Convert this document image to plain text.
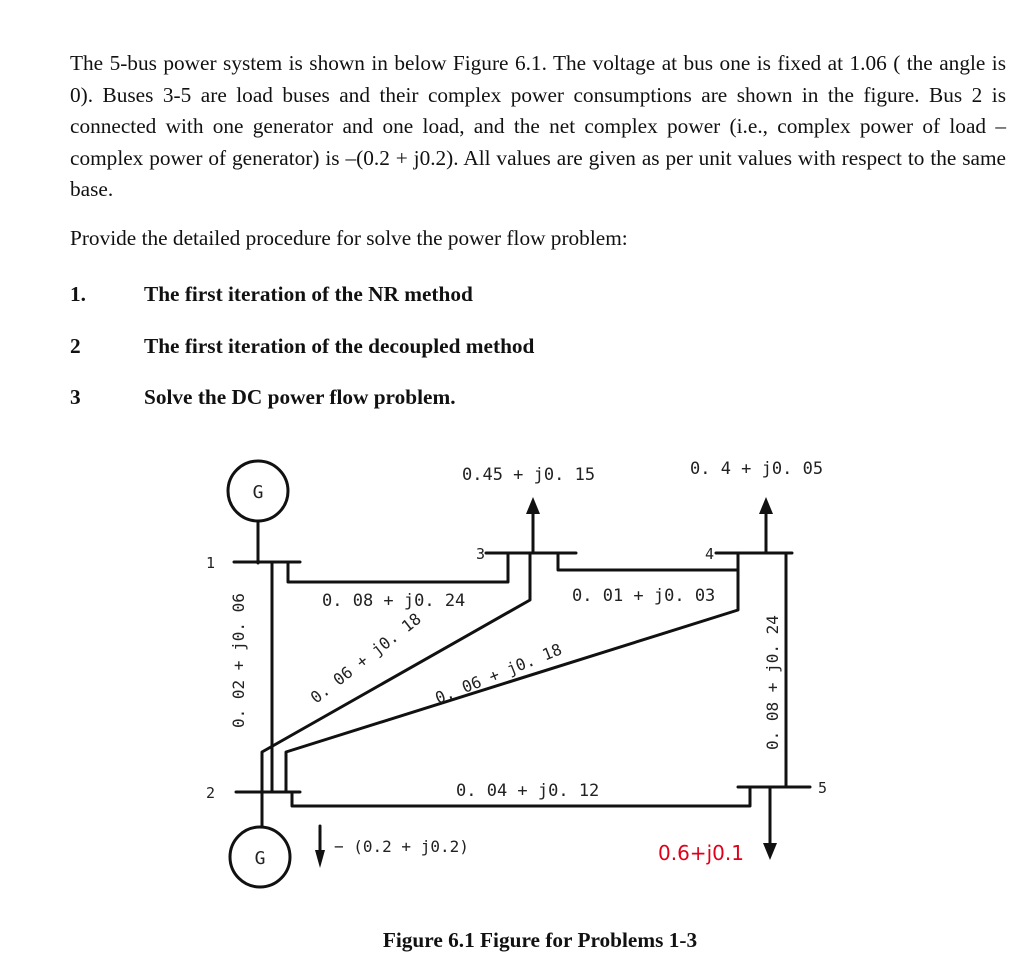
The 5-bus power system is shown in below Figure 6.1. The voltage at bus one is fixed at 1.06 ( the angle is 0). Buses 3-5 are load buses and their complex power consumptions are shown in the figure. Bus 2 is connected with one generator and one load, and the net complex power (i.e., complex power of load – complex power of generator) is –(0.2 + j0.2). All values are given as per unit values with respect to the same base.
Provide the detailed procedure for solve the power flow problem:
1.	The first iteration of the NR method
2	The first iteration of the decoupled method
3	Solve the DC power flow problem.
G
G
1
2
3	4
5
0.45 + j0. 15	0. 4 + j0. 05
− (0.2 + j0.2)	0.6+j0.1
0. 02 + j0. 06	0. 08 + j0. 24
0. 06 + j0. 18 0. 06 + j0. 18
0. 01 + j0. 03
0. 04 + j0. 12
0. 08 + j0. 24
Figure 6.1 Figure for Problems 1-3
